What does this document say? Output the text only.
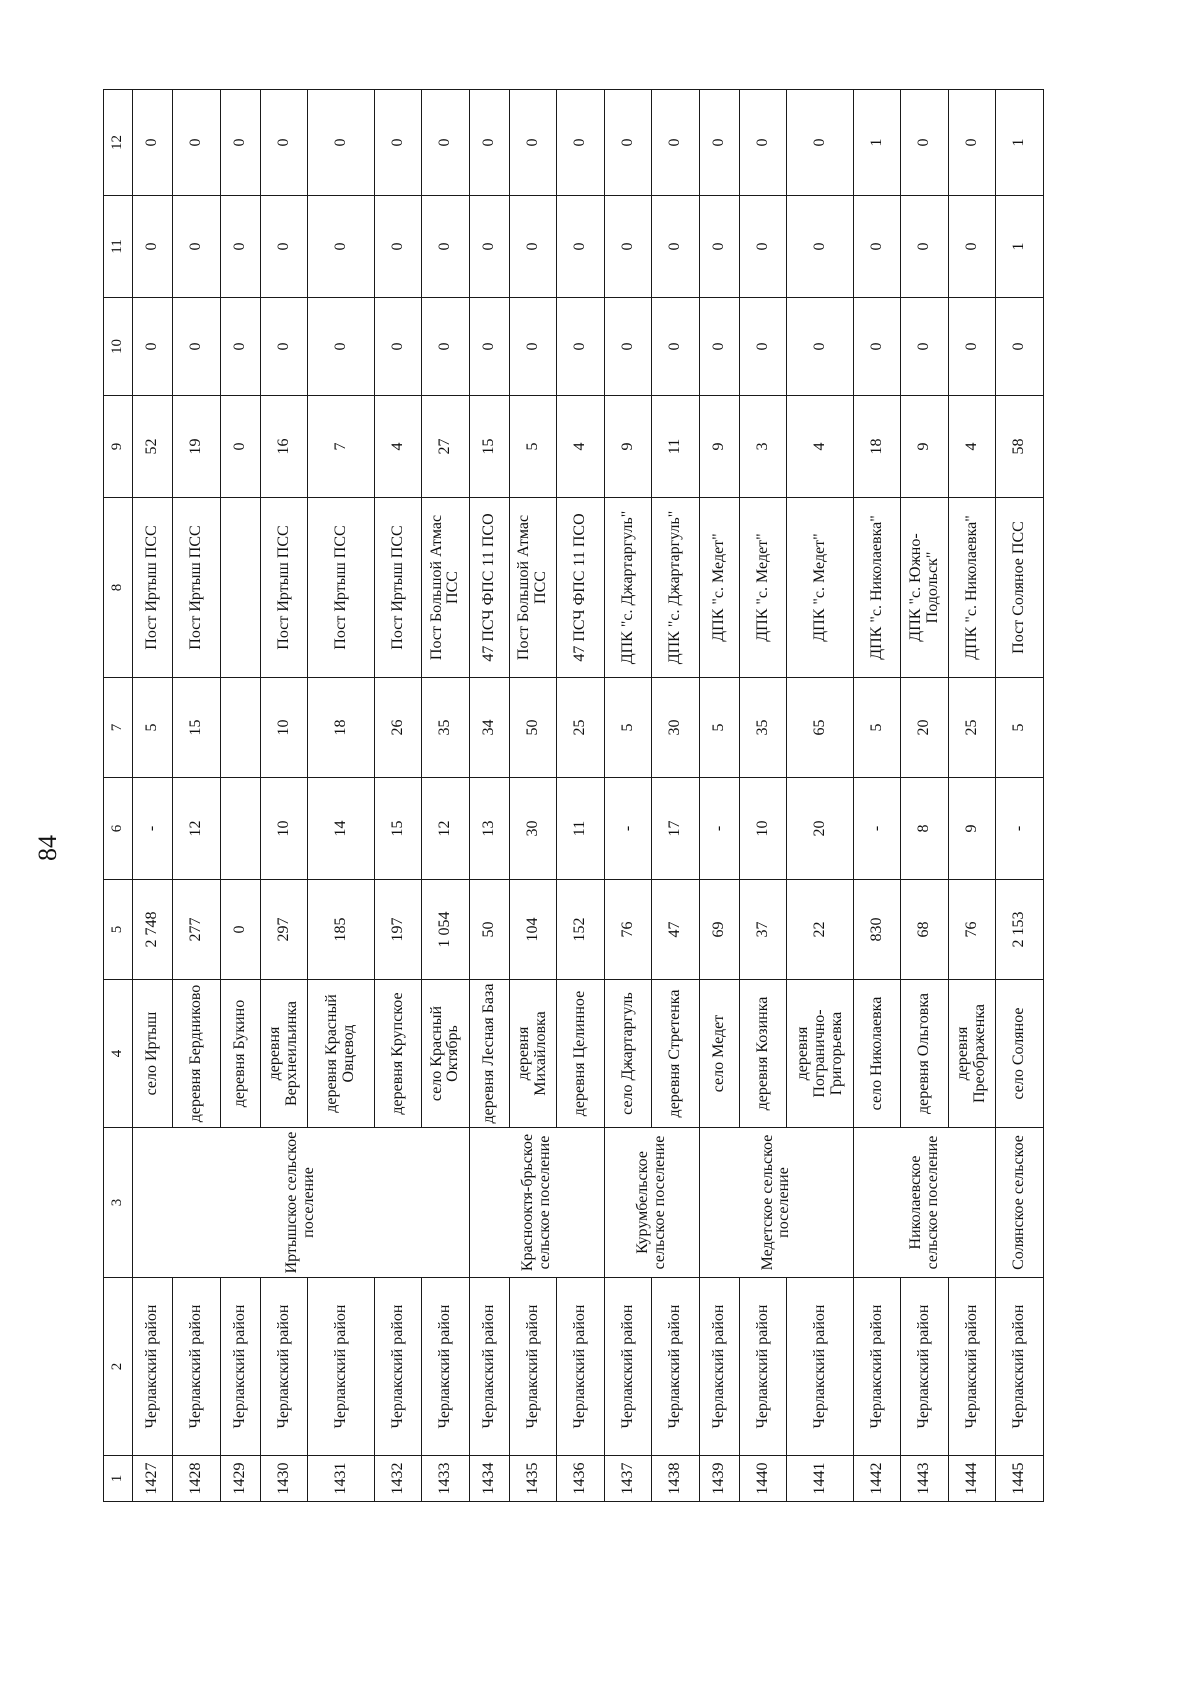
84
1	2	3	4	5	6	7	8	9	10	11	12
1427	Черлакский район	Иртышское сельское поселение	село Иртыш	2 748	-	5	Пост Иртыш ПСС	52	0	0	0
1428	Черлакский район		деревня Бердниково	277	12	15	Пост Иртыш ПСС	19	0	0	0
1429	Черлакский район		деревня Букино	0				0	0	0	0
1430	Черлакский район		деревня Верхнеильинка	297	10	10	Пост Иртыш ПСС	16	0	0	0
1431	Черлакский район		деревня Красный Овцевод	185	14	18	Пост Иртыш ПСС	7	0	0	0
1432	Черлакский район		деревня Крупское	197	15	26	Пост Иртыш ПСС	4	0	0	0
1433	Черлакский район		село Красный Октябрь	1 054	12	35	Пост Большой Атмас ПСС	27	0	0	0
1434	Черлакский район	Краснооктя-брьское сельское поселение	деревня Лесная База	50	13	34	47 ПСЧ ФПС 11 ПСО	15	0	0	0
1435	Черлакский район		деревня Михайловка	104	30	50	Пост Большой Атмас ПСС	5	0	0	0
1436	Черлакский район		деревня Целинное	152	11	25	47 ПСЧ ФПС 11 ПСО	4	0	0	0
1437	Черлакский район	Курумбельское сельское поселение	село Джартаргуль	76	-	5	ДПК "с. Джартаргуль"	9	0	0	0
1438	Черлакский район		деревня Стретенка	47	17	30	ДПК "с. Джартаргуль"	11	0	0	0
1439	Черлакский район	Медетское сельское поселение	село Медет	69	-	5	ДПК "с. Медет"	9	0	0	0
1440	Черлакский район		деревня Козинка	37	10	35	ДПК "с. Медет"	3	0	0	0
1441	Черлакский район		деревня Погранично-Григорьевка	22	20	65	ДПК "с. Медет"	4	0	0	0
1442	Черлакский район	Николаевское сельское поселение	село Николаевка	830	-	5	ДПК "с. Николаевка"	18	0	0	1
1443	Черлакский район		деревня Ольговка	68	8	20	ДПК "с. Южно-Подольск"	9	0	0	0
1444	Черлакский район		деревня Преображенка	76	9	25	ДПК "с. Николаевка"	4	0	0	0
1445	Черлакский район	Солянское сельское	село Соляное	2 153	-	5	Пост Соляное ПСС	58	0	1	1
